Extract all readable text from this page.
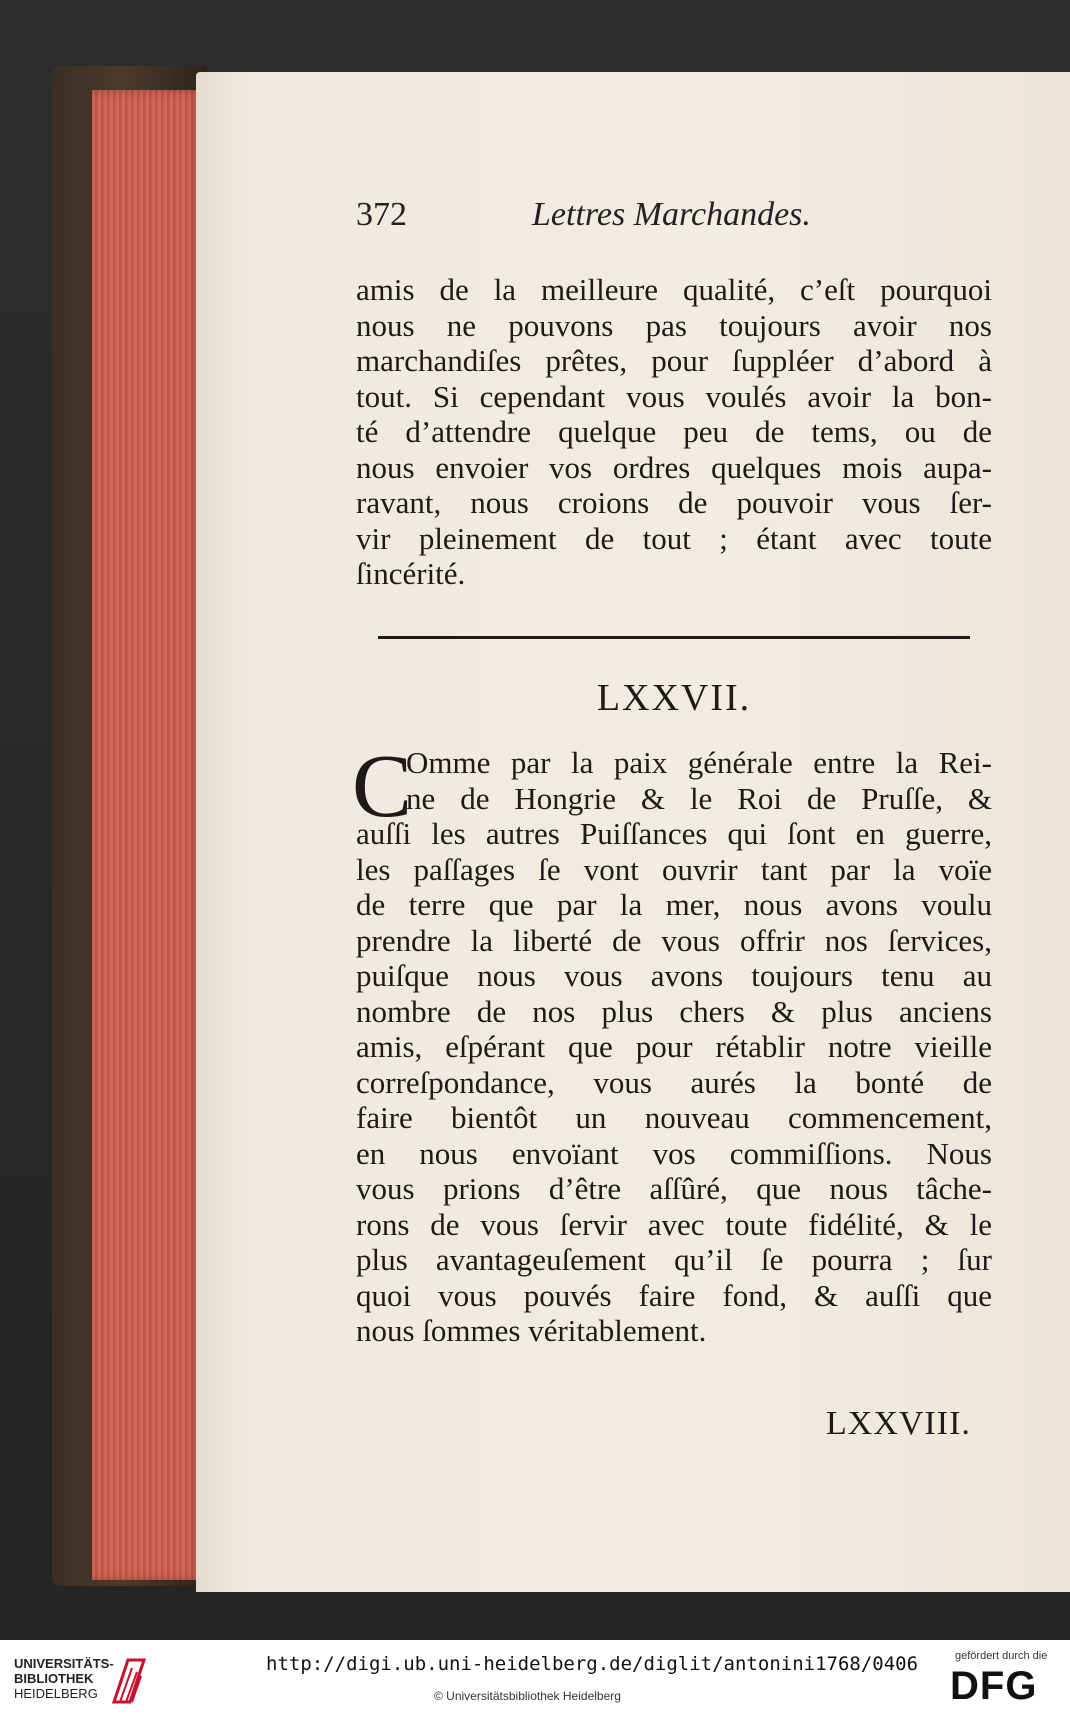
372	Lettres Marchandes.
amis de la meilleure qualité, c’eſt pourquoi
nous ne pouvons pas toujours avoir nos
marchandiſes prêtes, pour ſuppléer d’abord à
tout. Si cependant vous voulés avoir la bon-
té d’attendre quelque peu de tems, ou de
nous envoier vos ordres quelques mois aupa-
ravant, nous croions de pouvoir vous ſer-
vir pleinement de tout ; étant avec toute
ſincérité.
LXXVII.
C
Omme par la paix générale entre la Rei-
ne de Hongrie & le Roi de Pruſſe, &
auſſi les autres Puiſſances qui ſont en guerre,
les paſſages ſe vont ouvrir tant par la voïe
de terre que par la mer, nous avons voulu
prendre la liberté de vous offrir nos ſervices,
puiſque nous vous avons toujours tenu au
nombre de nos plus chers & plus anciens
amis, eſpérant que pour rétablir notre vieille
correſpondance, vous aurés la bonté de
faire bientôt un nouveau commencement,
en nous envoïant vos commiſſions. Nous
vous prions d’être aſſûré, que nous tâche-
rons de vous ſervir avec toute fidélité, & le
plus avantageuſement qu’il ſe pourra ; ſur
quoi vous pouvés faire fond, & auſſi que
nous ſommes véritablement.
LXXVIII.
UNIVERSITÄTS-
BIBLIOTHEK
HEIDELBERG
http://digi.ub.uni-heidelberg.de/diglit/antonini1768/0406
© Universitätsbibliothek Heidelberg
gefördert durch die
DFG
